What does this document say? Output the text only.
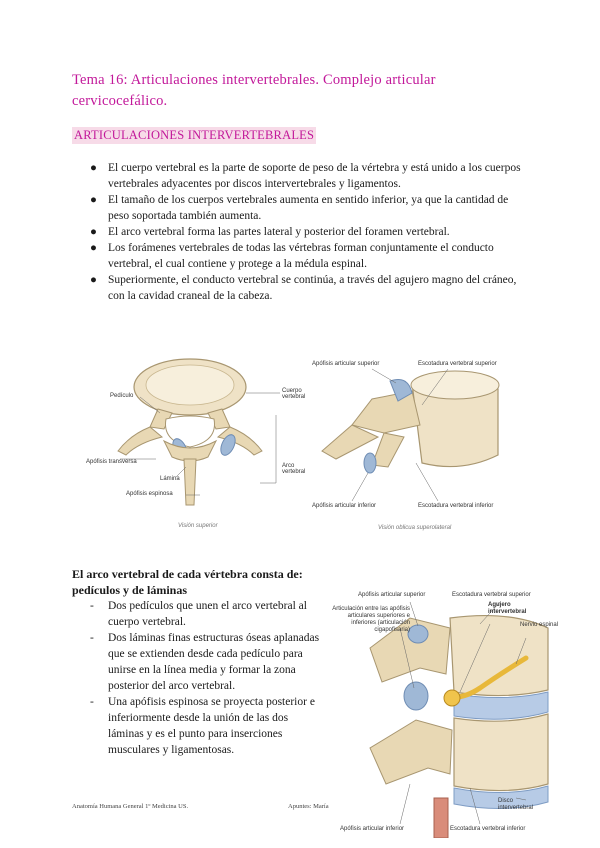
Tema 16: Articulaciones intervertebrales. Complejo articular cervicocefálico.
ARTICULACIONES INTERVERTEBRALES
● El cuerpo vertebral es la parte de soporte de peso de la vértebra y está unido a los cuerpos vertebrales adyacentes por discos intervertebrales y ligamentos.
● El tamaño de los cuerpos vertebrales aumenta en sentido inferior, ya que la cantidad de peso soportada también aumenta.
● El arco vertebral forma las partes lateral y posterior del foramen vertebral.
● Los forámenes vertebrales de todas las vértebras forman conjuntamente el conducto vertebral, el cual contiene y protege a la médula espinal.
● Superiormente, el conducto vertebral se continúa, a través del agujero magno del cráneo, con la cavidad craneal de la cabeza.
Pedículo
Cuerpo vertebral
Apófisis transversa
Lámina
Apófisis espinosa
Arco vertebral
Visión superior
Apófisis articular superior	Escotadura vertebral superior
Apófisis articular inferior	Escotadura vertebral inferior
Visión oblicua superolateral
Apófisis articular superior	Escotadura vertebral superior
Articulación entre las apófisis articulares superiores e inferiores (articulación cigapofisaria)
Agujero intervertebral
Nervio espinal
Disco intervertebral
Apófisis articular inferior	Escotadura vertebral inferior
El arco vertebral de cada vértebra consta de: pedículos y de láminas
- Dos pedículos que unen el arco vertebral al cuerpo vertebral.
- Dos láminas finas estructuras óseas aplanadas que se extienden desde cada pedículo para unirse en la línea media y formar la zona posterior del arco vertebral.
- Una apófisis espinosa se proyecta posterior e inferiormente desde la unión de las dos láminas y es el punto para inserciones musculares y ligamentosas.
Anatomía Humana General 1º Medicina US.	Apuntes: María
